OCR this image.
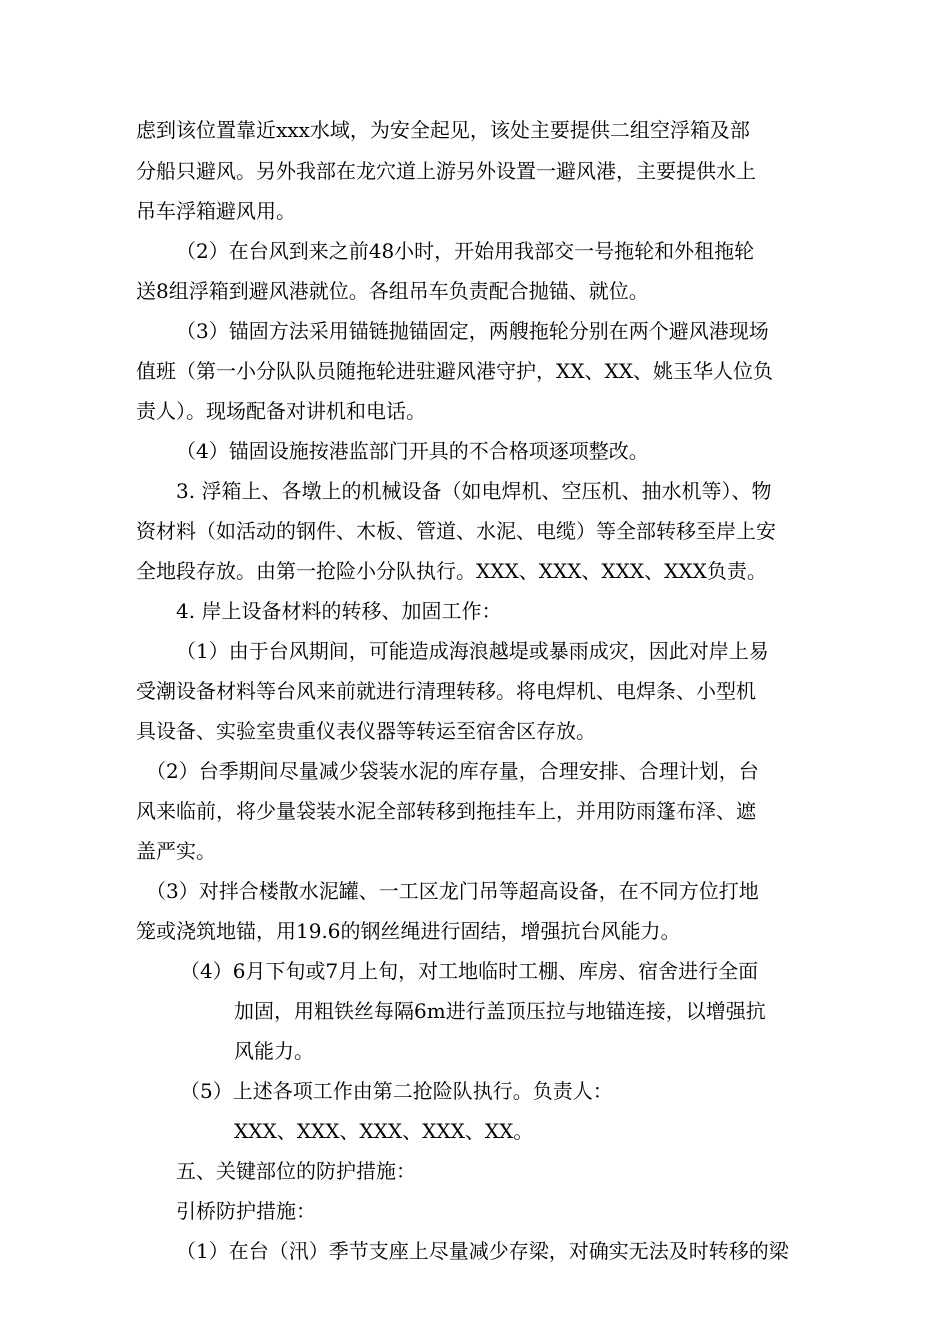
虑到该位置靠近xxx水域，为安全起见，该处主要提供二组空浮箱及部

分船只避风。另外我部在龙穴道上游另外设置一避风港，主要提供水上

吊车浮箱避风用。

（2）在台风到来之前48小时，开始用我部交一号拖轮和外租拖轮

送8组浮箱到避风港就位。各组吊车负责配合抛锚、就位。

（3）锚固方法采用锚链抛锚固定，两艘拖轮分别在两个避风港现场

值班（第一小分队队员随拖轮进驻避风港守护，XX、XX、姚玉华人位负

责人）。现场配备对讲机和电话。

（4）锚固设施按港监部门开具的不合格项逐项整改。

3. 浮箱上、各墩上的机械设备（如电焊机、空压机、抽水机等）、物

资材料（如活动的钢件、木板、管道、水泥、电缆）等全部转移至岸上安

全地段存放。由第一抢险小分队执行。XXX、XXX、XXX、XXX负责。

4. 岸上设备材料的转移、加固工作：

（1）由于台风期间，可能造成海浪越堤或暴雨成灾，因此对岸上易

受潮设备材料等台风来前就进行清理转移。将电焊机、电焊条、小型机

具设备、实验室贵重仪表仪器等转运至宿舍区存放。

（2）台季期间尽量减少袋装水泥的库存量，合理安排、合理计划，台

风来临前，将少量袋装水泥全部转移到拖挂车上，并用防雨篷布泽、遮

盖严实。

（3）对拌合楼散水泥罐、一工区龙门吊等超高设备，在不同方位打地

笼或浇筑地锚，用19.6的钢丝绳进行固结，增强抗台风能力。

（4）6月下旬或7月上旬，对工地临时工棚、库房、宿舍进行全面

加固，用粗铁丝每隔6m进行盖顶压拉与地锚连接，以增强抗

风能力。

（5）上述各项工作由第二抢险队执行。负责人：

XXX、XXX、XXX、XXX、XX。

五、关键部位的防护措施：

引桥防护措施：

（1）在台（汛）季节支座上尽量减少存梁，对确实无法及时转移的梁
